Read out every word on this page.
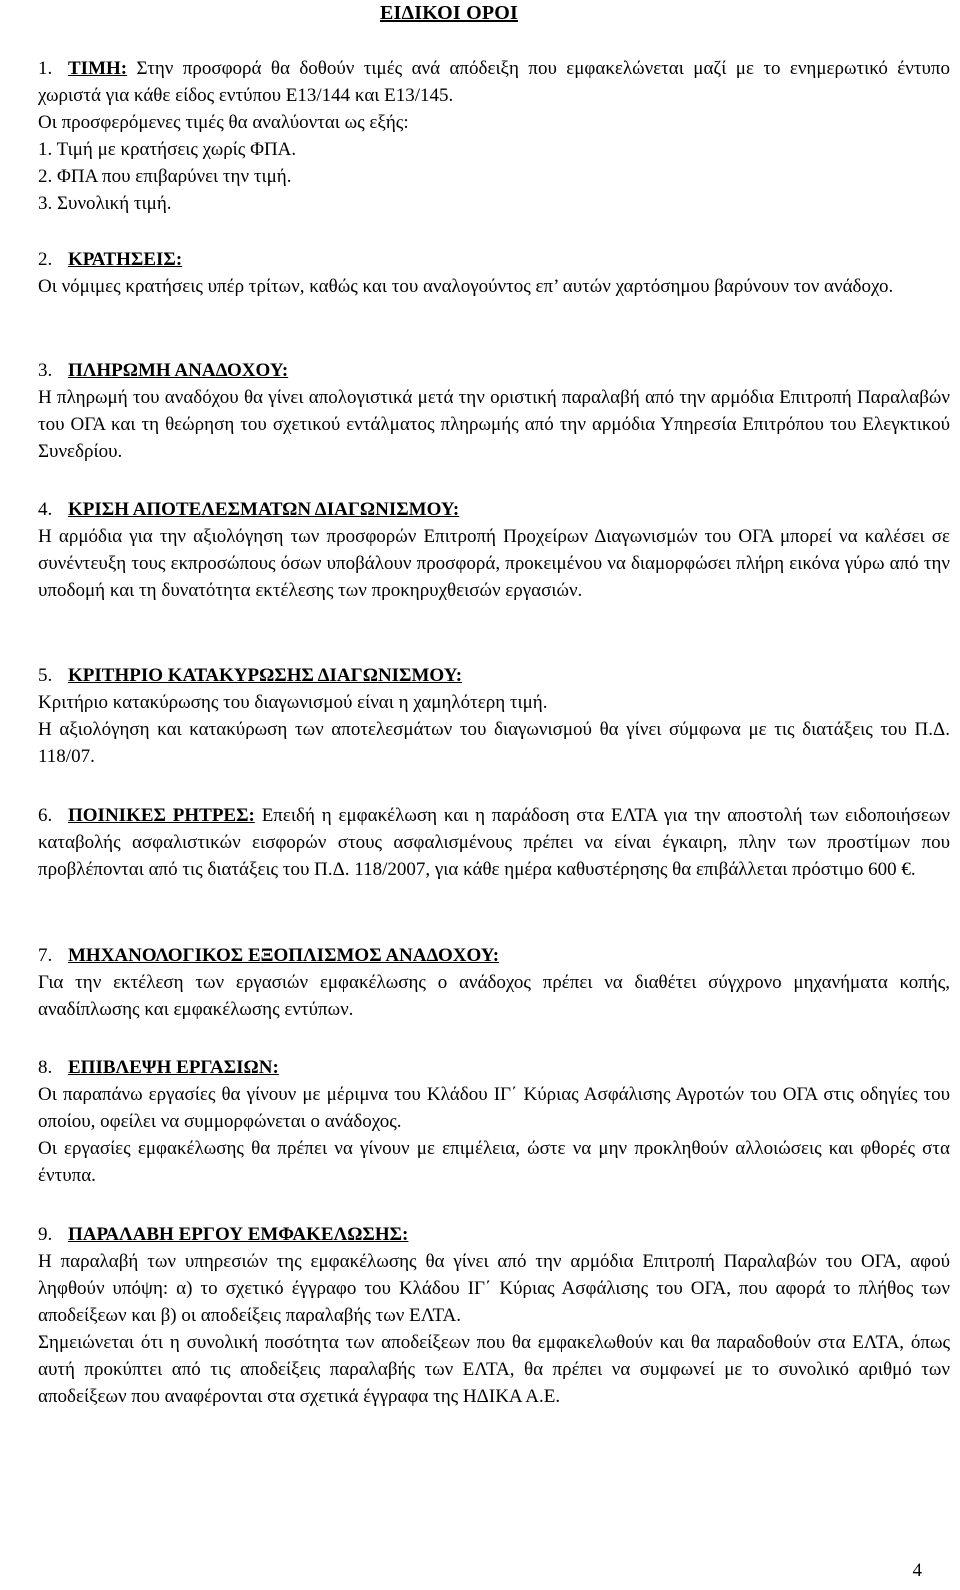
ΕΙΔΙΚΟΙ ΟΡΟΙ

1. ΤΙΜΗ: Στην προσφορά θα δοθούν τιμές ανά απόδειξη που εμφακελώνεται μαζί με το ενημερωτικό έντυπο χωριστά για κάθε είδος εντύπου Ε13/144 και Ε13/145.

Οι προσφερόμενες τιμές θα αναλύονται ως εξής:

1. Τιμή με κρατήσεις χωρίς ΦΠΑ.
2. ΦΠΑ που επιβαρύνει την τιμή.
3. Συνολική τιμή.

2. ΚΡΑΤΗΣΕΙΣ:

Οι νόμιμες κρατήσεις υπέρ τρίτων, καθώς και του αναλογούντος επ’ αυτών χαρτόσημου βαρύνουν τον ανάδοχο.

3. ΠΛΗΡΩΜΗ ΑΝΑΔΟΧΟΥ:

Η πληρωμή του αναδόχου θα γίνει απολογιστικά μετά την οριστική παραλαβή από την αρμόδια Επιτροπή Παραλαβών του ΟΓΑ και τη θεώρηση του σχετικού εντάλματος πληρωμής από την αρμόδια Υπηρεσία Επιτρόπου του Ελεγκτικού Συνεδρίου.

4. ΚΡΙΣΗ ΑΠΟΤΕΛΕΣΜΑΤΩΝ ΔΙΑΓΩΝΙΣΜΟΥ:

Η αρμόδια για την αξιολόγηση των προσφορών Επιτροπή Προχείρων Διαγωνισμών του ΟΓΑ μπορεί να καλέσει σε συνέντευξη τους εκπροσώπους όσων υποβάλουν προσφορά, προκειμένου να διαμορφώσει πλήρη εικόνα γύρω από την υποδομή και τη δυνατότητα εκτέλεσης των προκηρυχθεισών εργασιών.

5. ΚΡΙΤΗΡΙΟ ΚΑΤΑΚΥΡΩΣΗΣ ΔΙΑΓΩΝΙΣΜΟΥ:

Κριτήριο κατακύρωσης του διαγωνισμού είναι η χαμηλότερη τιμή.

Η αξιολόγηση και κατακύρωση των αποτελεσμάτων του διαγωνισμού θα γίνει σύμφωνα με τις διατάξεις του Π.Δ. 118/07.

6. ΠΟΙΝΙΚΕΣ ΡΗΤΡΕΣ: Επειδή η εμφακέλωση και η παράδοση στα ΕΛΤΑ για την αποστολή των ειδοποιήσεων καταβολής ασφαλιστικών εισφορών στους ασφαλισμένους πρέπει να είναι έγκαιρη, πλην των προστίμων που προβλέπονται από τις διατάξεις του Π.Δ. 118/2007, για κάθε ημέρα καθυστέρησης θα επιβάλλεται πρόστιμο 600 €.

7. ΜΗΧΑΝΟΛΟΓΙΚΟΣ ΕΞΟΠΛΙΣΜΟΣ ΑΝΑΔΟΧΟΥ:

Για την εκτέλεση των εργασιών εμφακέλωσης ο ανάδοχος πρέπει να διαθέτει σύγχρονο μηχανήματα κοπής, αναδίπλωσης και εμφακέλωσης εντύπων.

8. ΕΠΙΒΛΕΨΗ ΕΡΓΑΣΙΩΝ:

Οι παραπάνω εργασίες θα γίνουν με μέριμνα του Κλάδου ΙΓ΄ Κύριας Ασφάλισης Αγροτών του ΟΓΑ στις οδηγίες του οποίου, οφείλει να συμμορφώνεται ο ανάδοχος.

Οι εργασίες εμφακέλωσης θα πρέπει να γίνουν με επιμέλεια, ώστε να μην προκληθούν αλλοιώσεις και φθορές στα έντυπα.

9. ΠΑΡΑΛΑΒΗ ΕΡΓΟΥ ΕΜΦΑΚΕΛΩΣΗΣ:

Η παραλαβή των υπηρεσιών της εμφακέλωσης θα γίνει από την αρμόδια Επιτροπή Παραλαβών του ΟΓΑ, αφού ληφθούν υπόψη: α) το σχετικό έγγραφο του Κλάδου ΙΓ΄ Κύριας Ασφάλισης του ΟΓΑ, που αφορά το πλήθος των αποδείξεων και β) οι αποδείξεις παραλαβής των ΕΛΤΑ.

Σημειώνεται ότι η συνολική ποσότητα των αποδείξεων που θα εμφακελωθούν και θα παραδοθούν στα ΕΛΤΑ, όπως αυτή προκύπτει από τις αποδείξεις παραλαβής των ΕΛΤΑ, θα πρέπει να συμφωνεί με το συνολικό αριθμό των αποδείξεων που αναφέρονται στα σχετικά έγγραφα της ΗΔΙΚΑ Α.Ε.

4
